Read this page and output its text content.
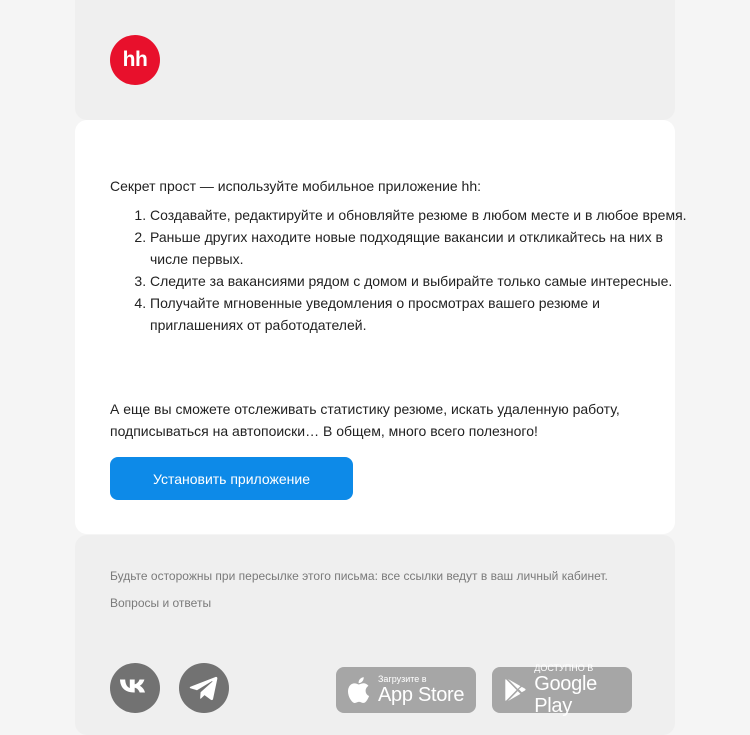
hh

Секрет прост — используйте мобильное приложение hh:

1. Создавайте, редактируйте и обновляйте резюме в любом месте и в любое время.
2. Раньше других находите новые подходящие вакансии и откликайтесь на них в числе первых.
3. Следите за вакансиями рядом с домом и выбирайте только самые интересные.
4. Получайте мгновенные уведомления о просмотрах вашего резюме и приглашениях от работодателей.

А еще вы сможете отслеживать статистику резюме, искать удаленную работу, подписываться на автопоиски… В общем, много всего полезного!

Установить приложение

Будьте осторожны при пересылке этого письма: все ссылки ведут в ваш личный кабинет.

Вопросы и ответы
Загрузите в
App Store
ДОСТУПНО В
Google Play
